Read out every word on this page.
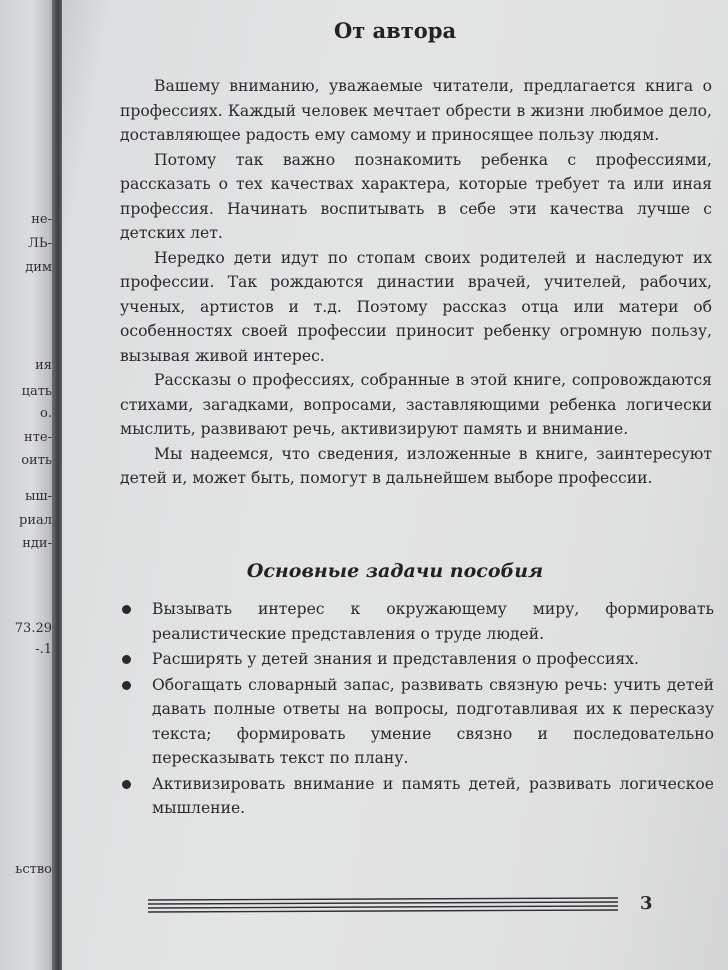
не-
ЛЬ-
дим
ия
цать
о.
нте-
оить
ыш-
риал
нди-
73.29
-.1
ьство
От автора

Вашему вниманию, уважаемые читатели, предлагается книга о профессиях. Каждый человек мечтает обрести в жизни любимое дело, доставляющее радость ему самому и приносящее пользу людям.

Потому так важно познакомить ребенка с профессиями, рассказать о тех качествах характера, которые требует та или иная профессия. Начинать воспитывать в себе эти качества лучше с детских лет.

Нередко дети идут по стопам своих родителей и наследуют их профессии. Так рождаются династии врачей, учителей, рабочих, ученых, артистов и т.д. Поэтому рассказ отца или матери об особенностях своей профессии приносит ребенку огромную пользу, вызывая живой интерес.

Рассказы о профессиях, собранные в этой книге, сопровождаются стихами, загадками, вопросами, заставляющими ребенка логически мыслить, развивают речь, активизируют память и внимание.

Мы надеемся, что сведения, изложенные в книге, заинтересуют детей и, может быть, помогут в дальнейшем выборе профессии.

Основные задачи пособия
Вызывать интерес к окружающему миру, формировать реалистические представления о труде людей.
Расширять у детей знания и представления о профессиях.
Обогащать словарный запас, развивать связную речь: учить детей давать полные ответы на вопросы, подготавливая их к пересказу текста; формировать умение связно и последовательно пересказывать текст по плану.
Активизировать внимание и память детей, развивать логическое мышление.
3
